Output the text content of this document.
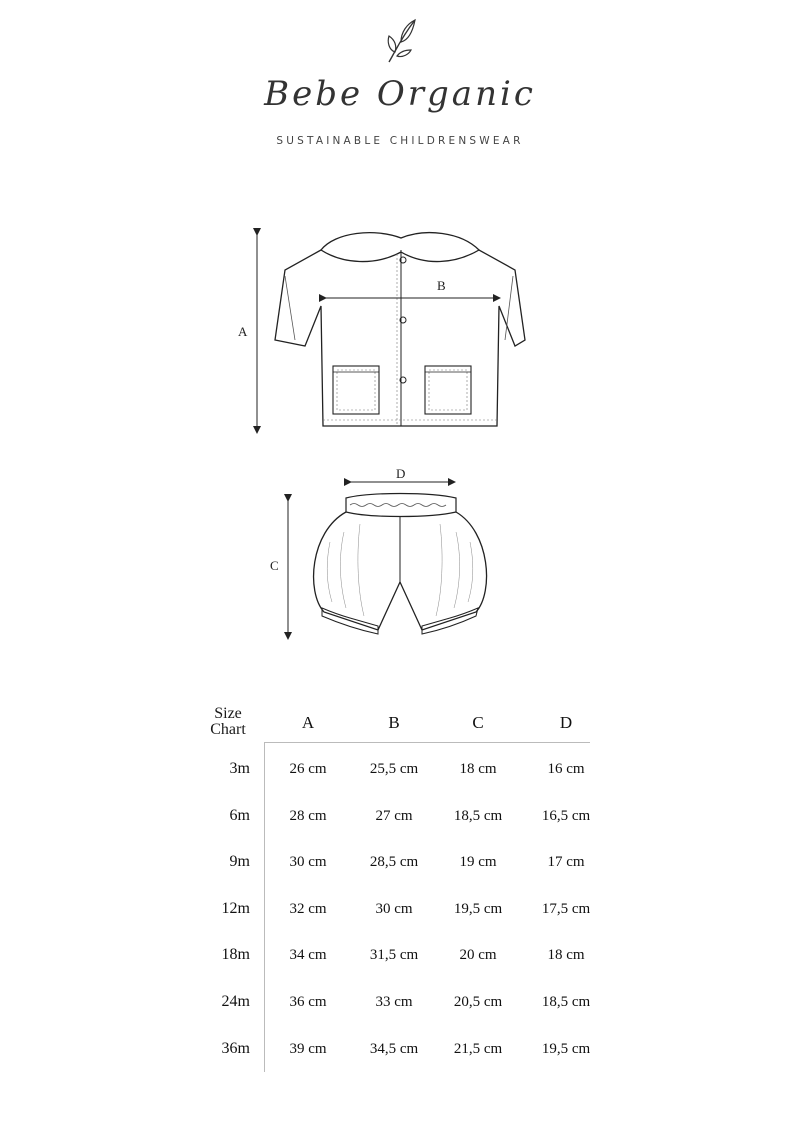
Bebe Organic
SUSTAINABLE CHILDRENSWEAR
A
B
C
D
Size
Chart	A	B	C	D
3m	26 cm	25,5 cm	18 cm	16 cm
6m	28 cm	27 cm	18,5 cm	16,5 cm
9m	30 cm	28,5 cm	19 cm	17 cm
12m	32 cm	30 cm	19,5 cm	17,5 cm
18m	34 cm	31,5 cm	20 cm	18 cm
24m	36 cm	33 cm	20,5 cm	18,5 cm
36m	39 cm	34,5 cm	21,5 cm	19,5 cm
